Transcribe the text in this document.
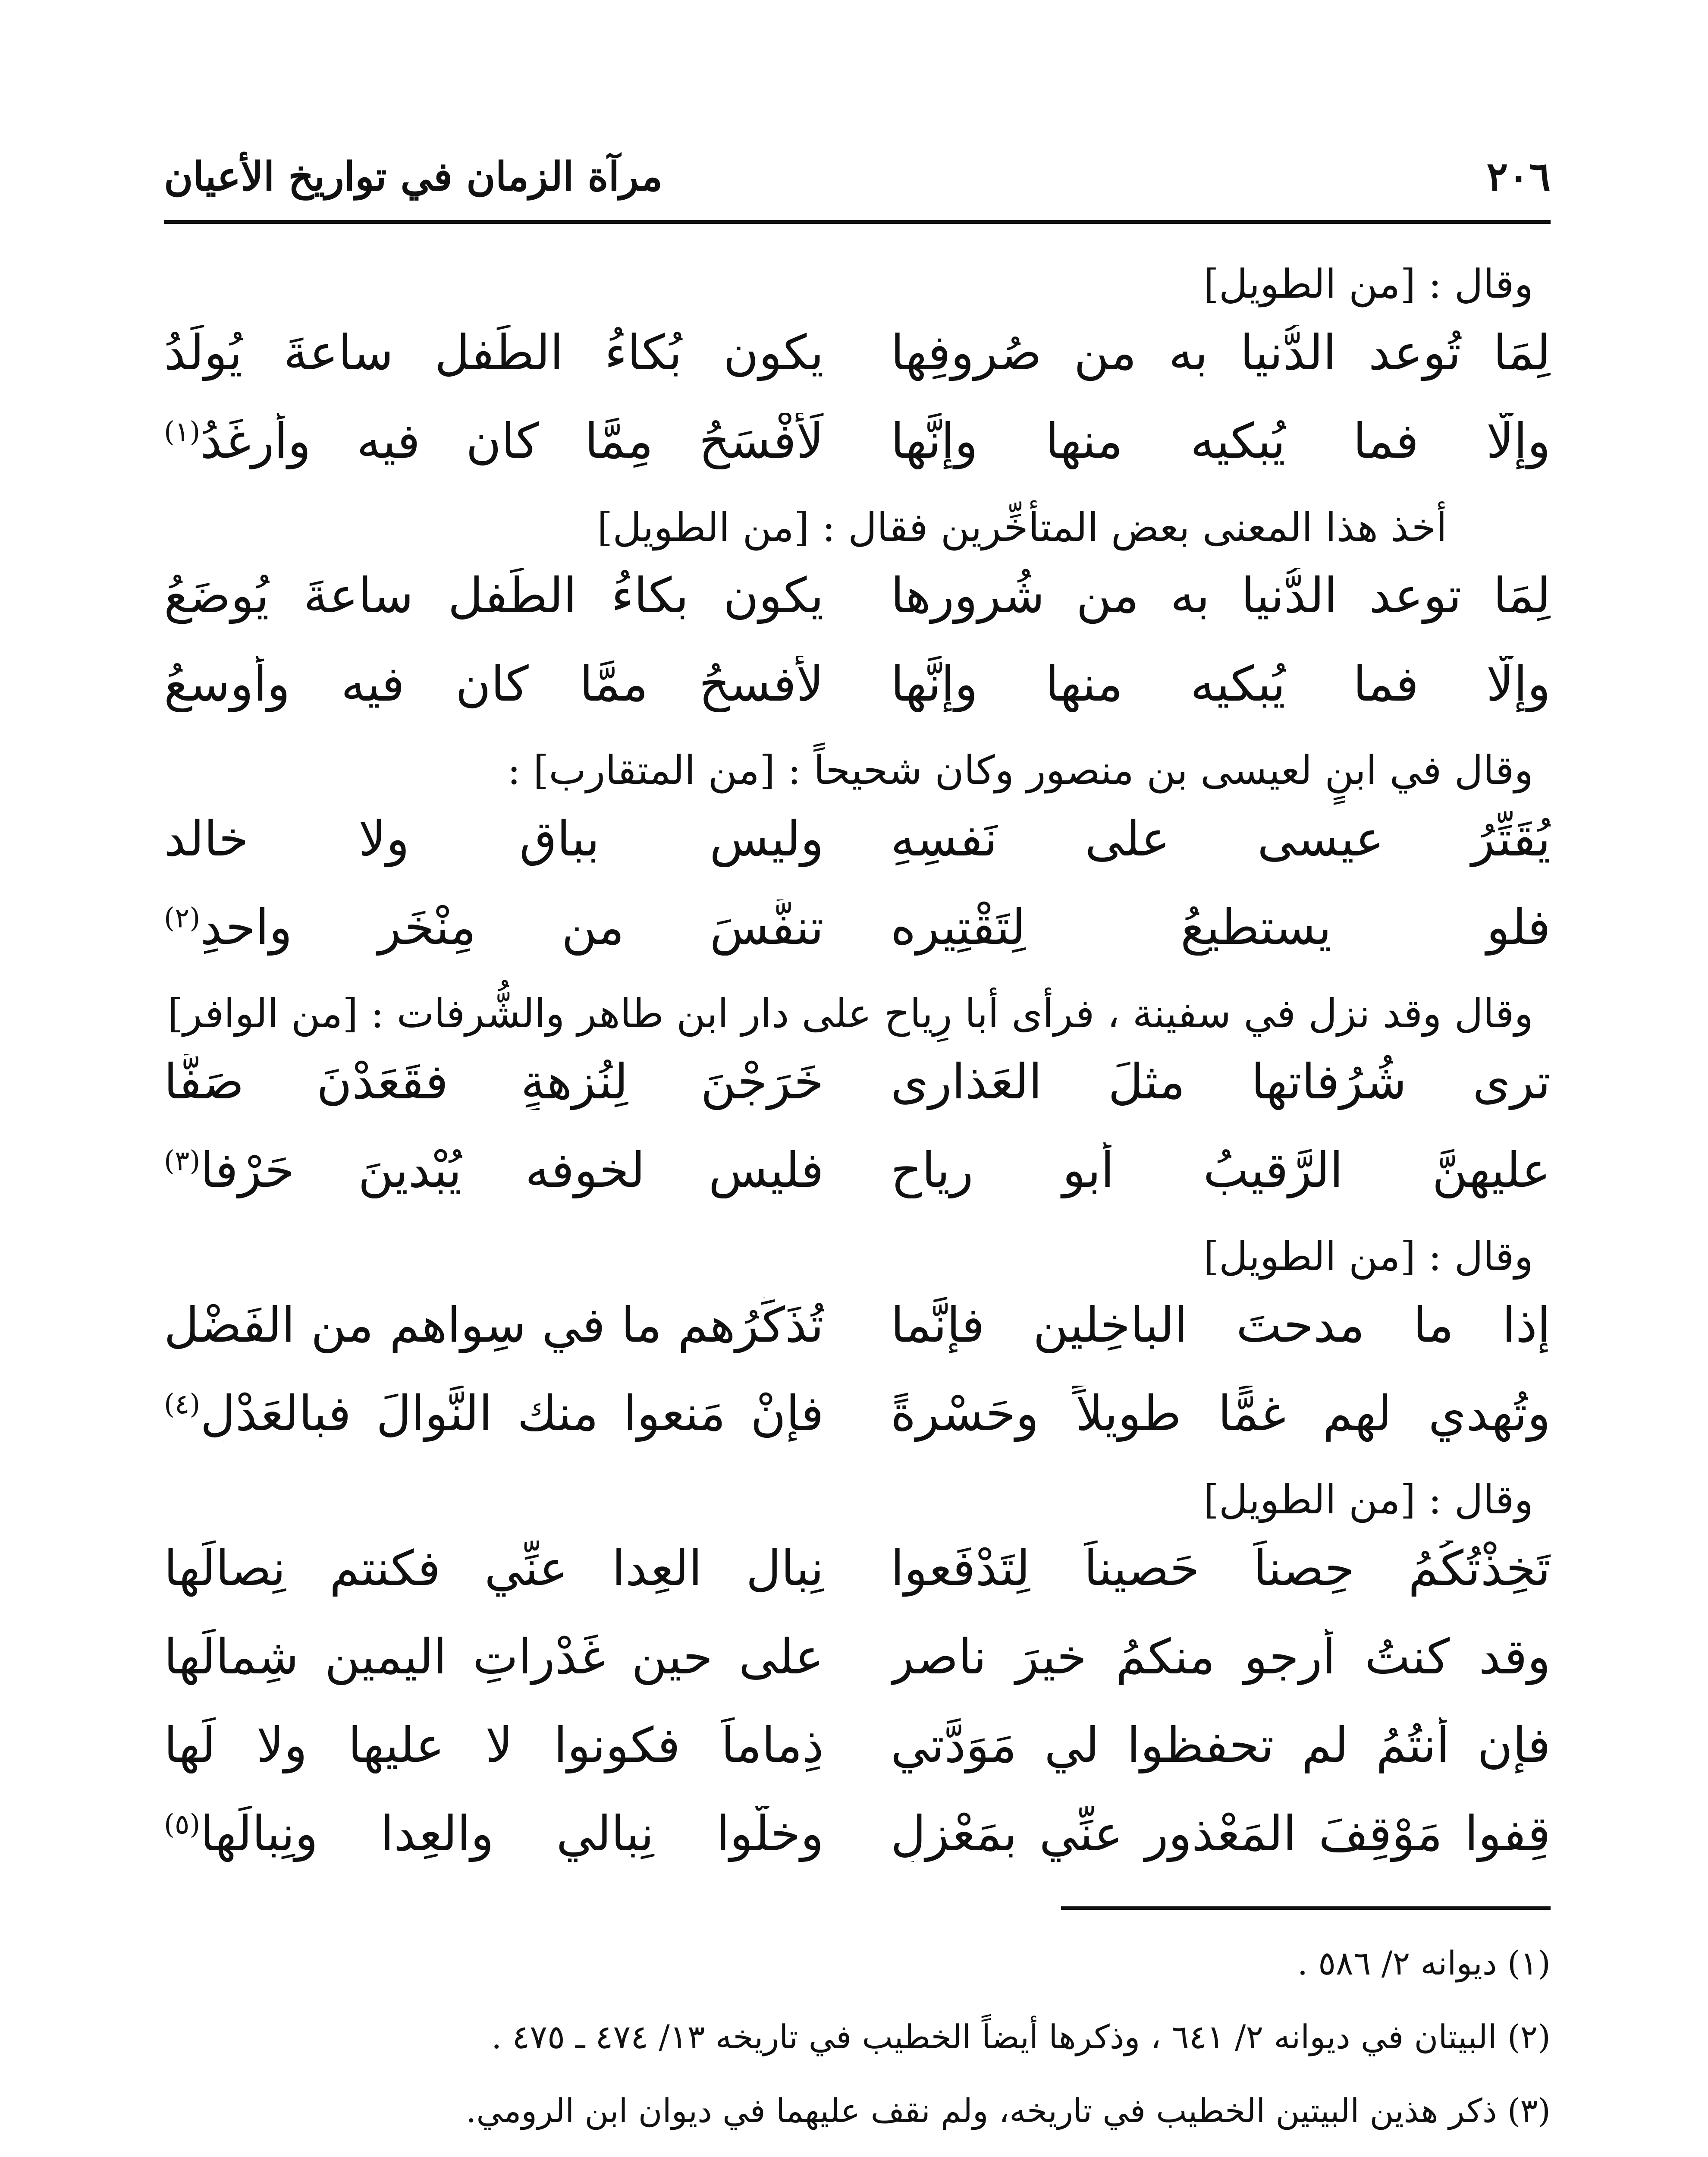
٢٠٦
مرآة الزمان في تواريخ الأعيان

وقال : [من الطويل]

لِمَا تُوعد الدُّنيا به من صُروفِها
يكون بُكاءُ الطِّفلِ ساعةَ يُولَدُ
وإلَّا فما يُبكيه منها وإنَّها
لَأَفْسَحُ مِمَّا كان فيه وأرغَدُ$^{(١)}$

أخذ هذا المعنى بعض المتأخِّرين فقال : [من الطويل]

لِمَا توعد الدُّنيا به من شُرورها
يكون بكاءُ الطِّفل ساعةَ يُوضَعُ
وإلَّا فما يُبكيه منها وإنَّها
لأفسحُ ممَّا كان فيه وأوسعُ

وقال في ابنٍ لعيسى بن منصور وكان شحيحاً : [من المتقارب] :

يُقَتِّرُ عيسى على نَفسِهِ
وليس بباقٍ ولا خالد
فلو يستطيعُ لِتَقْتِيرِه
تنفَّسَ من مِنْخَرٍ واحدِ$^{(٢)}$

وقال وقد نزل في سفينة ، فرأى أبا رِياح على دار ابن طاهر والشُّرفات : [من الوافر]

ترى شُرُفاتها مثلَ العَذارى
خَرَجْنَ لِنُزهةٍ فقَعَدْنَ صَفًّا
عليهنَّ الرَّقيبُ أبو رياحٍ
فليس لخوفه يُبْدينَ حَرْفا$^{(٣)}$

وقال : [من الطويل]

إذا ما مدحتَ الباخِلين فإنَّما
تُذَكِّرُهم ما في سِواهم من الفَضْلِ
وتُهدي لهم غمًّا طويلاً وحَسْرةً
فإنْ مَنعوا منك النَّوالَ فبالعَدْلِ$^{(٤)}$

وقال : [من الطويل]

تَخِذْتُكُمُ حِصناً حَصيناً لِتَدْفَعوا
نِبال العِدا عنِّي فكنتم نِصالَها
وقد كنتُ أرجو منكمُ خيرَ ناصرٍ
على حين غَدْراتِ اليمين شِمالَها
فإن أنتُمُ لم تحفظوا لي مَوَدَّتي
ذِماماً فكونوا لا عليها ولا لَها
قِفوا مَوْقِفَ المَعْذورِ عنِّي بمَعْزِلٍ
وخلُّوا نِبالي والعِدا ونِبالَها$^{(٥)}$

(١) ديوانه ٢/ ٥٨٦ .

(٢) البيتان في ديوانه ٢/ ٦٤١ ، وذكرها أيضاً الخطيب في تاريخه ١٣/ ٤٧٤ ـ ٤٧٥ .

(٣) ذكر هذين البيتين الخطيب في تاريخه، ولم نقف عليهما في ديوان ابن الرومي.
